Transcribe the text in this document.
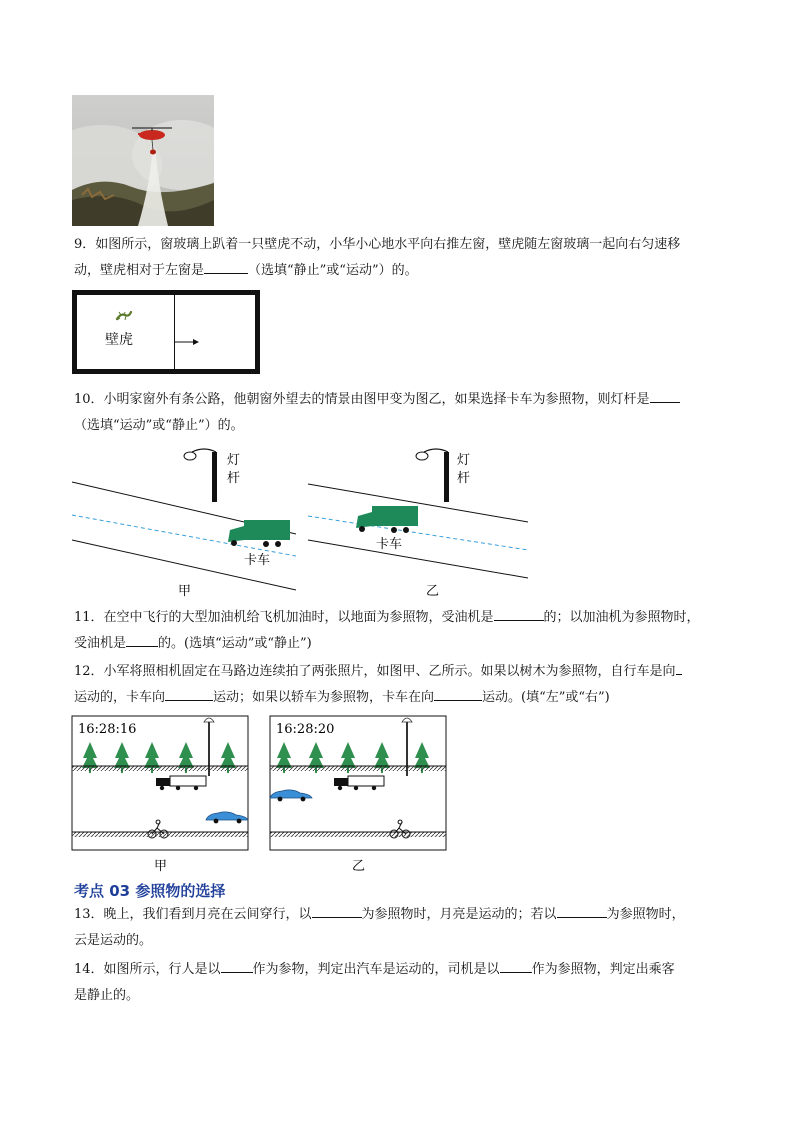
9．如图所示，窗玻璃上趴着一只壁虎不动，小华小心地水平向右推左窗，壁虎随左窗玻璃一起向右匀速移
动，壁虎相对于左窗是	（选填“静止”或“运动”）的。
壁虎
10．小明家窗外有条公路，他朝窗外望去的情景由图甲变为图乙，如果选择卡车为参照物，则灯杆是
（选填“运动”或“静止”）的。
灯
杆
卡车
甲
灯
杆
卡车
乙
11．在空中飞行的大型加油机给飞机加油时，以地面为参照物，受油机是	的；以加油机为参照物时，
受油机是 的。(选填“运动”或“静止”)
12．小军将照相机固定在马路边连续拍了两张照片，如图甲、乙所示。如果以树木为参照物，自行车是向
运动的，卡车向	运动；如果以轿车为参照物，卡车在向	运动。(填“左”或“右”)
16:28:16
甲
16:28:20
乙
考点 03 参照物的选择
13．晚上，我们看到月亮在云间穿行，以	为参照物时，月亮是运动的；若以	为参照物时，
云是运动的。
14．如图所示，行人是以 作为参物，判定出汽车是运动的，司机是以 作为参照物，判定出乘客
是静止的。
